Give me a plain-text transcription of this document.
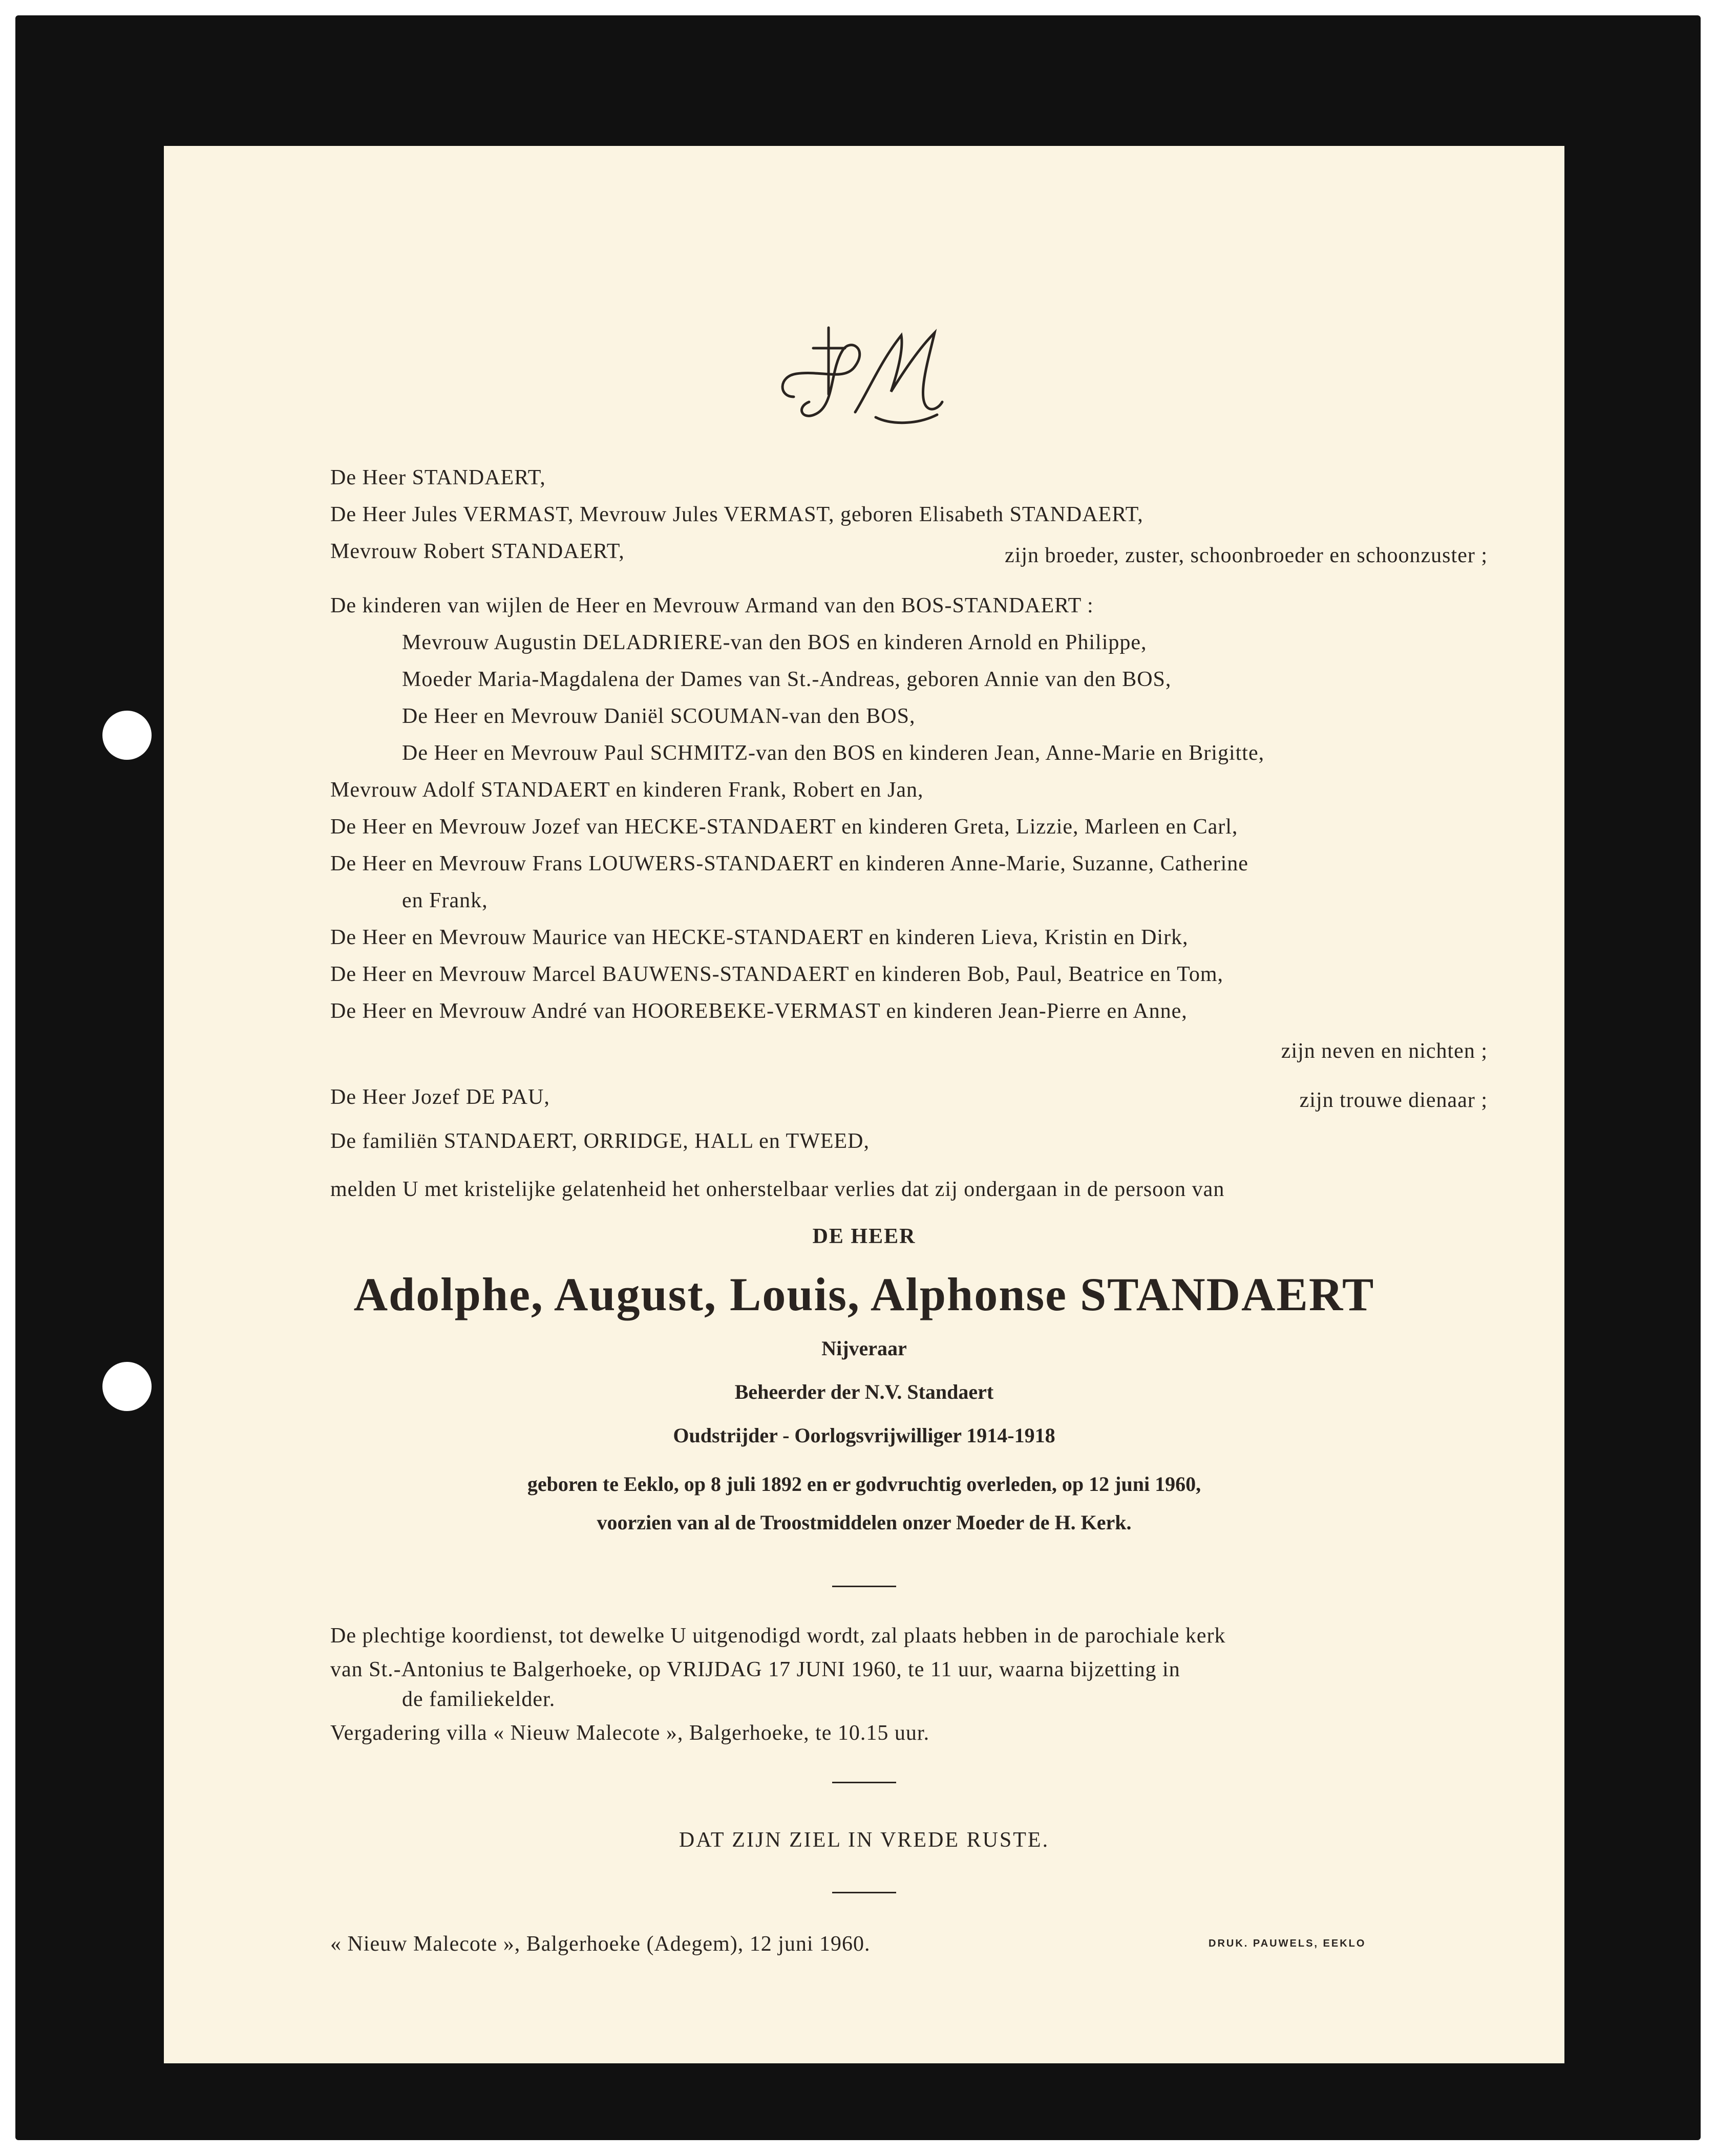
De Heer STANDAERT,
De Heer Jules VERMAST, Mevrouw Jules VERMAST, geboren Elisabeth STANDAERT,
Mevrouw Robert STANDAERT,	zijn broeder, zuster, schoonbroeder en schoonzuster ;
De kinderen van wijlen de Heer en Mevrouw Armand van den BOS-STANDAERT :
Mevrouw Augustin DELADRIERE-van den BOS en kinderen Arnold en Philippe,
Moeder Maria-Magdalena der Dames van St.-Andreas, geboren Annie van den BOS,
De Heer en Mevrouw Daniël SCOUMAN-van den BOS,
De Heer en Mevrouw Paul SCHMITZ-van den BOS en kinderen Jean, Anne-Marie en Brigitte,
Mevrouw Adolf STANDAERT en kinderen Frank, Robert en Jan,
De Heer en Mevrouw Jozef van HECKE-STANDAERT en kinderen Greta, Lizzie, Marleen en Carl,
De Heer en Mevrouw Frans LOUWERS-STANDAERT en kinderen Anne-Marie, Suzanne, Catherine
en Frank,
De Heer en Mevrouw Maurice van HECKE-STANDAERT en kinderen Lieva, Kristin en Dirk,
De Heer en Mevrouw Marcel BAUWENS-STANDAERT en kinderen Bob, Paul, Beatrice en Tom,
De Heer en Mevrouw André van HOOREBEKE-VERMAST en kinderen Jean-Pierre en Anne,
zijn neven en nichten ;
De Heer Jozef DE PAU,	zijn trouwe dienaar ;
De familiën STANDAERT, ORRIDGE, HALL en TWEED,
melden U met kristelijke gelatenheid het onherstelbaar verlies dat zij ondergaan in de persoon van
DE HEER
Adolphe, August, Louis, Alphonse STANDAERT
Nijveraar
Beheerder der N.V. Standaert
Oudstrijder - Oorlogsvrijwilliger 1914-1918
geboren te Eeklo, op 8 juli 1892 en er godvruchtig overleden, op 12 juni 1960,
voorzien van al de Troostmiddelen onzer Moeder de H. Kerk.
De plechtige koordienst, tot dewelke U uitgenodigd wordt, zal plaats hebben in de parochiale kerk
van St.-Antonius te Balgerhoeke, op VRIJDAG 17 JUNI 1960, te 11 uur, waarna bijzetting in
de familiekelder.
Vergadering villa « Nieuw Malecote », Balgerhoeke, te 10.15 uur.
DAT ZIJN ZIEL IN VREDE RUSTE.
« Nieuw Malecote », Balgerhoeke (Adegem), 12 juni 1960.	DRUK. PAUWELS, EEKLO
